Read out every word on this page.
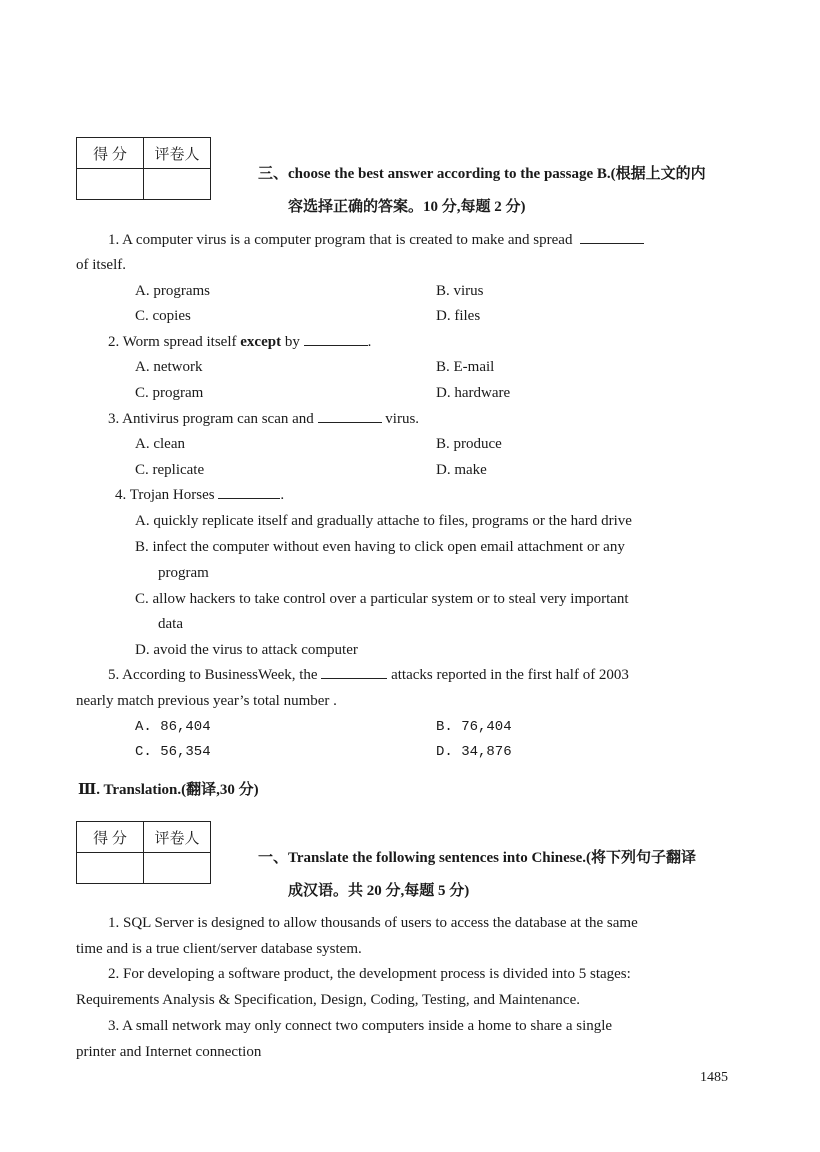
得 分	评卷人

三、choose the best answer according to the passage B.(根据上文的内
容选择正确的答案。10 分,每题 2 分)
1. A computer virus is a computer program that is created to make and spread
of itself.
A. programs	B. virus
C. copies	D. files
2. Worm spread itself except by	.
A. network	B. E-mail
C. program	D. hardware
3. Antivirus program can scan and	virus.
A. clean	B. produce
C. replicate	D. make
4. Trojan Horses	.
A. quickly replicate itself and gradually attache to files, programs or the hard drive
B. infect the computer without even having to click open email attachment or any
program
C. allow hackers to take control over a particular system or to steal very important
data
D. avoid the virus to attack computer
5. According to BusinessWeek, the	attacks reported in the first half of 2003
nearly match previous year’s total number .
A. 86,404	B. 76,404
C. 56,354	D. 34,876
Ⅲ. Translation.(翻译,30 分)
得 分	评卷人

一、Translate the following sentences into Chinese.(将下列句子翻译
成汉语。共 20 分,每题 5 分)
1. SQL Server is designed to allow thousands of users to access the database at the same
time and is a true client/server database system.
2. For developing a software product, the development process is divided into 5 stages:
Requirements Analysis & Specification, Design, Coding, Testing, and Maintenance.
3. A small network may only connect two computers inside a home to share a single
printer and Internet connection
1485
